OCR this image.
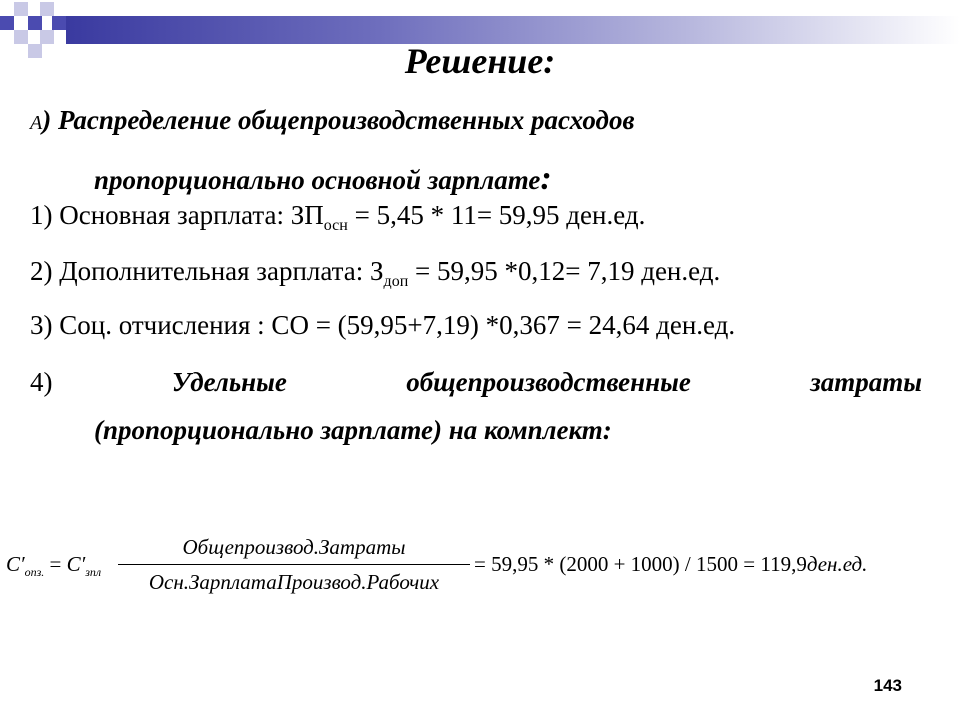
Решение:
А) Распределение общепроизводственных расходов
пропорционально основной зарплате:
1) Основная зарплата: $ЗП_{осн} = 5,45 * 11= 59,95$ ден.ед.
2) Дополнительная зарплата: $З_{доп} = 59,95$ *0,12= 7,19 ден.ед.
3) Соц. отчисления : СО = (59,95+7,19) *0,367 = 24,64 ден.ед.
4)	Удельные	общепроизводственные	затраты
(пропорционально зарплате) на комплект:
$C'_{опз.} = C'_{зпл}$
Общепроизвод.Затраты
Осн.ЗарплатаПроизвод.Рабочих
= 59,95 * (2000 + 1000) / 1500 = 119,9ден.ед.
143
